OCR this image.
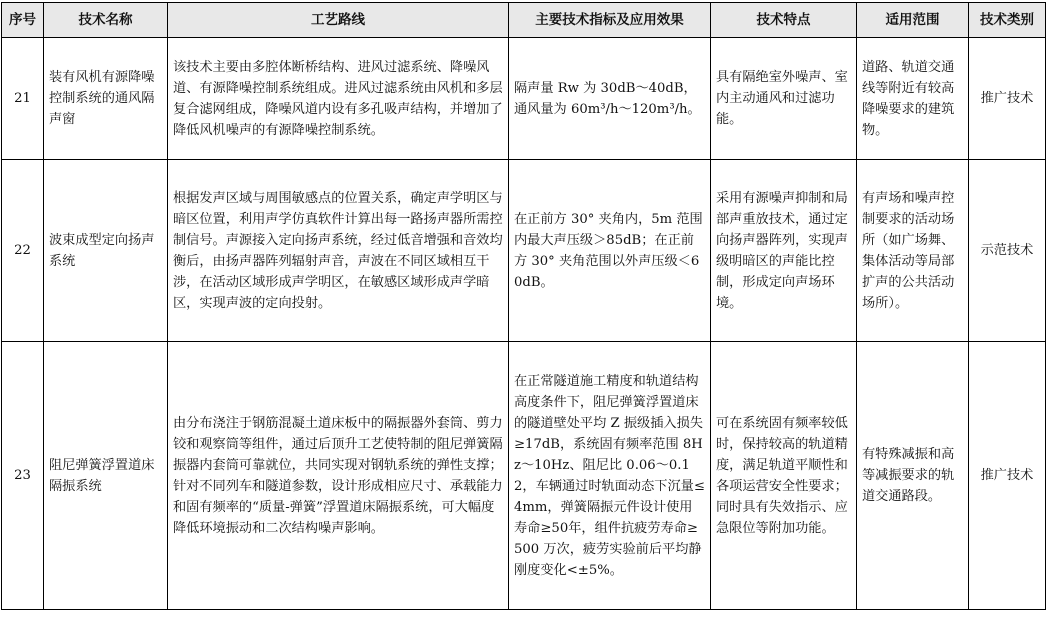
序号	技术名称	工艺路线	主要技术指标及应用效果	技术特点	适用范围	技术类别
21	装有风机有源降噪控制系统的通风隔声窗	该技术主要由多腔体断桥结构、进风过滤系统、降噪风道、有源降噪控制系统组成。进风过滤系统由风机和多层复合滤网组成，降噪风道内设有多孔吸声结构，并增加了降低风机噪声的有源降噪控制系统。	隔声量 Rw 为 30dB～40dB，通风量为 60m³/h～120m³/h。	具有隔绝室外噪声、室内主动通风和过滤功能。	道路、轨道交通线等附近有较高降噪要求的建筑物。	推广技术
22	波束成型定向扬声系统	根据发声区域与周围敏感点的位置关系，确定声学明区与暗区位置，利用声学仿真软件计算出每一路扬声器所需控制信号。声源接入定向扬声系统，经过低音增强和音效均衡后，由扬声器阵列辐射声音，声波在不同区域相互干涉，在活动区域形成声学明区，在敏感区域形成声学暗区，实现声波的定向投射。	在正前方 30° 夹角内，5m 范围内最大声压级＞85dB；在正前方 30° 夹角范围以外声压级＜60dB。	采用有源噪声抑制和局部声重放技术，通过定向扬声器阵列，实现声级明暗区的声能比控制，形成定向声场环境。	有声场和噪声控制要求的活动场所（如广场舞、集体活动等局部扩声的公共活动场所）。	示范技术
23	阻尼弹簧浮置道床隔振系统	由分布浇注于钢筋混凝土道床板中的隔振器外套筒、剪力铰和观察筒等组件，通过后顶升工艺使特制的阻尼弹簧隔振器内套筒可靠就位，共同实现对钢轨系统的弹性支撑；针对不同列车和隧道参数，设计形成相应尺寸、承载能力和固有频率的“质量-弹簧”浮置道床隔振系统，可大幅度降低环境振动和二次结构噪声影响。	在正常隧道施工精度和轨道结构高度条件下，阻尼弹簧浮置道床的隧道壁处平均 Z 振级插入损失≥17dB，系统固有频率范围 8Hz～10Hz、阻尼比 0.06～0.12，车辆通过时轨面动态下沉量≤4mm，弹簧隔振元件设计使用寿命≥50年，组件抗疲劳寿命≥500 万次，疲劳实验前后平均静刚度变化<±5%。	可在系统固有频率较低时，保持较高的轨道精度，满足轨道平顺性和各项运营安全性要求；同时具有失效指示、应急限位等附加功能。	有特殊减振和高等减振要求的轨道交通路段。	推广技术
